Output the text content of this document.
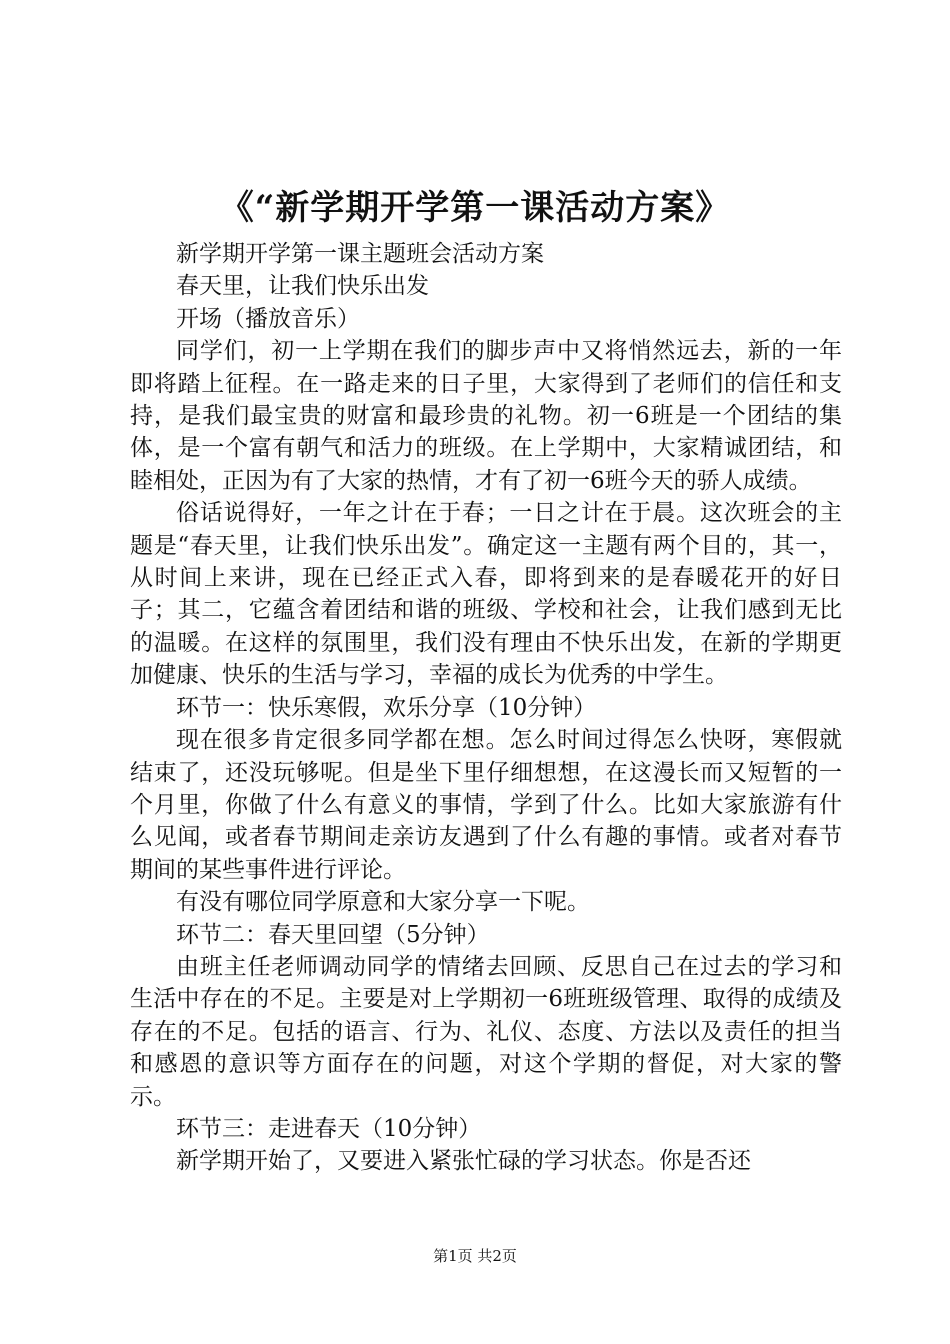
《“新学期开学第一课活动方案》

新学期开学第一课主题班会活动方案

春天里，让我们快乐出发

开场（播放音乐）

同学们，初一上学期在我们的脚步声中又将悄然远去，新的一年即将踏上征程。在一路走来的日子里，大家得到了老师们的信任和支持，是我们最宝贵的财富和最珍贵的礼物。初一6班是一个团结的集体，是一个富有朝气和活力的班级。在上学期中，大家精诚团结，和睦相处，正因为有了大家的热情，才有了初一6班今天的骄人成绩。

俗话说得好，一年之计在于春；一日之计在于晨。这次班会的主题是“春天里，让我们快乐出发”。确定这一主题有两个目的，其一，从时间上来讲，现在已经正式入春，即将到来的是春暖花开的好日子；其二，它蕴含着团结和谐的班级、学校和社会，让我们感到无比的温暖。在这样的氛围里，我们没有理由不快乐出发，在新的学期更加健康、快乐的生活与学习，幸福的成长为优秀的中学生。

环节一：快乐寒假，欢乐分享（10分钟）

现在很多肯定很多同学都在想。怎么时间过得怎么快呀，寒假就结束了，还没玩够呢。但是坐下里仔细想想，在这漫长而又短暂的一个月里，你做了什么有意义的事情，学到了什么。比如大家旅游有什么见闻，或者春节期间走亲访友遇到了什么有趣的事情。或者对春节期间的某些事件进行评论。

有没有哪位同学原意和大家分享一下呢。

环节二：春天里回望（5分钟）

由班主任老师调动同学的情绪去回顾、反思自己在过去的学习和生活中存在的不足。主要是对上学期初一6班班级管理、取得的成绩及存在的不足。包括的语言、行为、礼仪、态度、方法以及责任的担当和感恩的意识等方面存在的问题，对这个学期的督促，对大家的警示。

环节三：走进春天（10分钟）

新学期开始了，又要进入紧张忙碌的学习状态。你是否还

第1页 共2页
